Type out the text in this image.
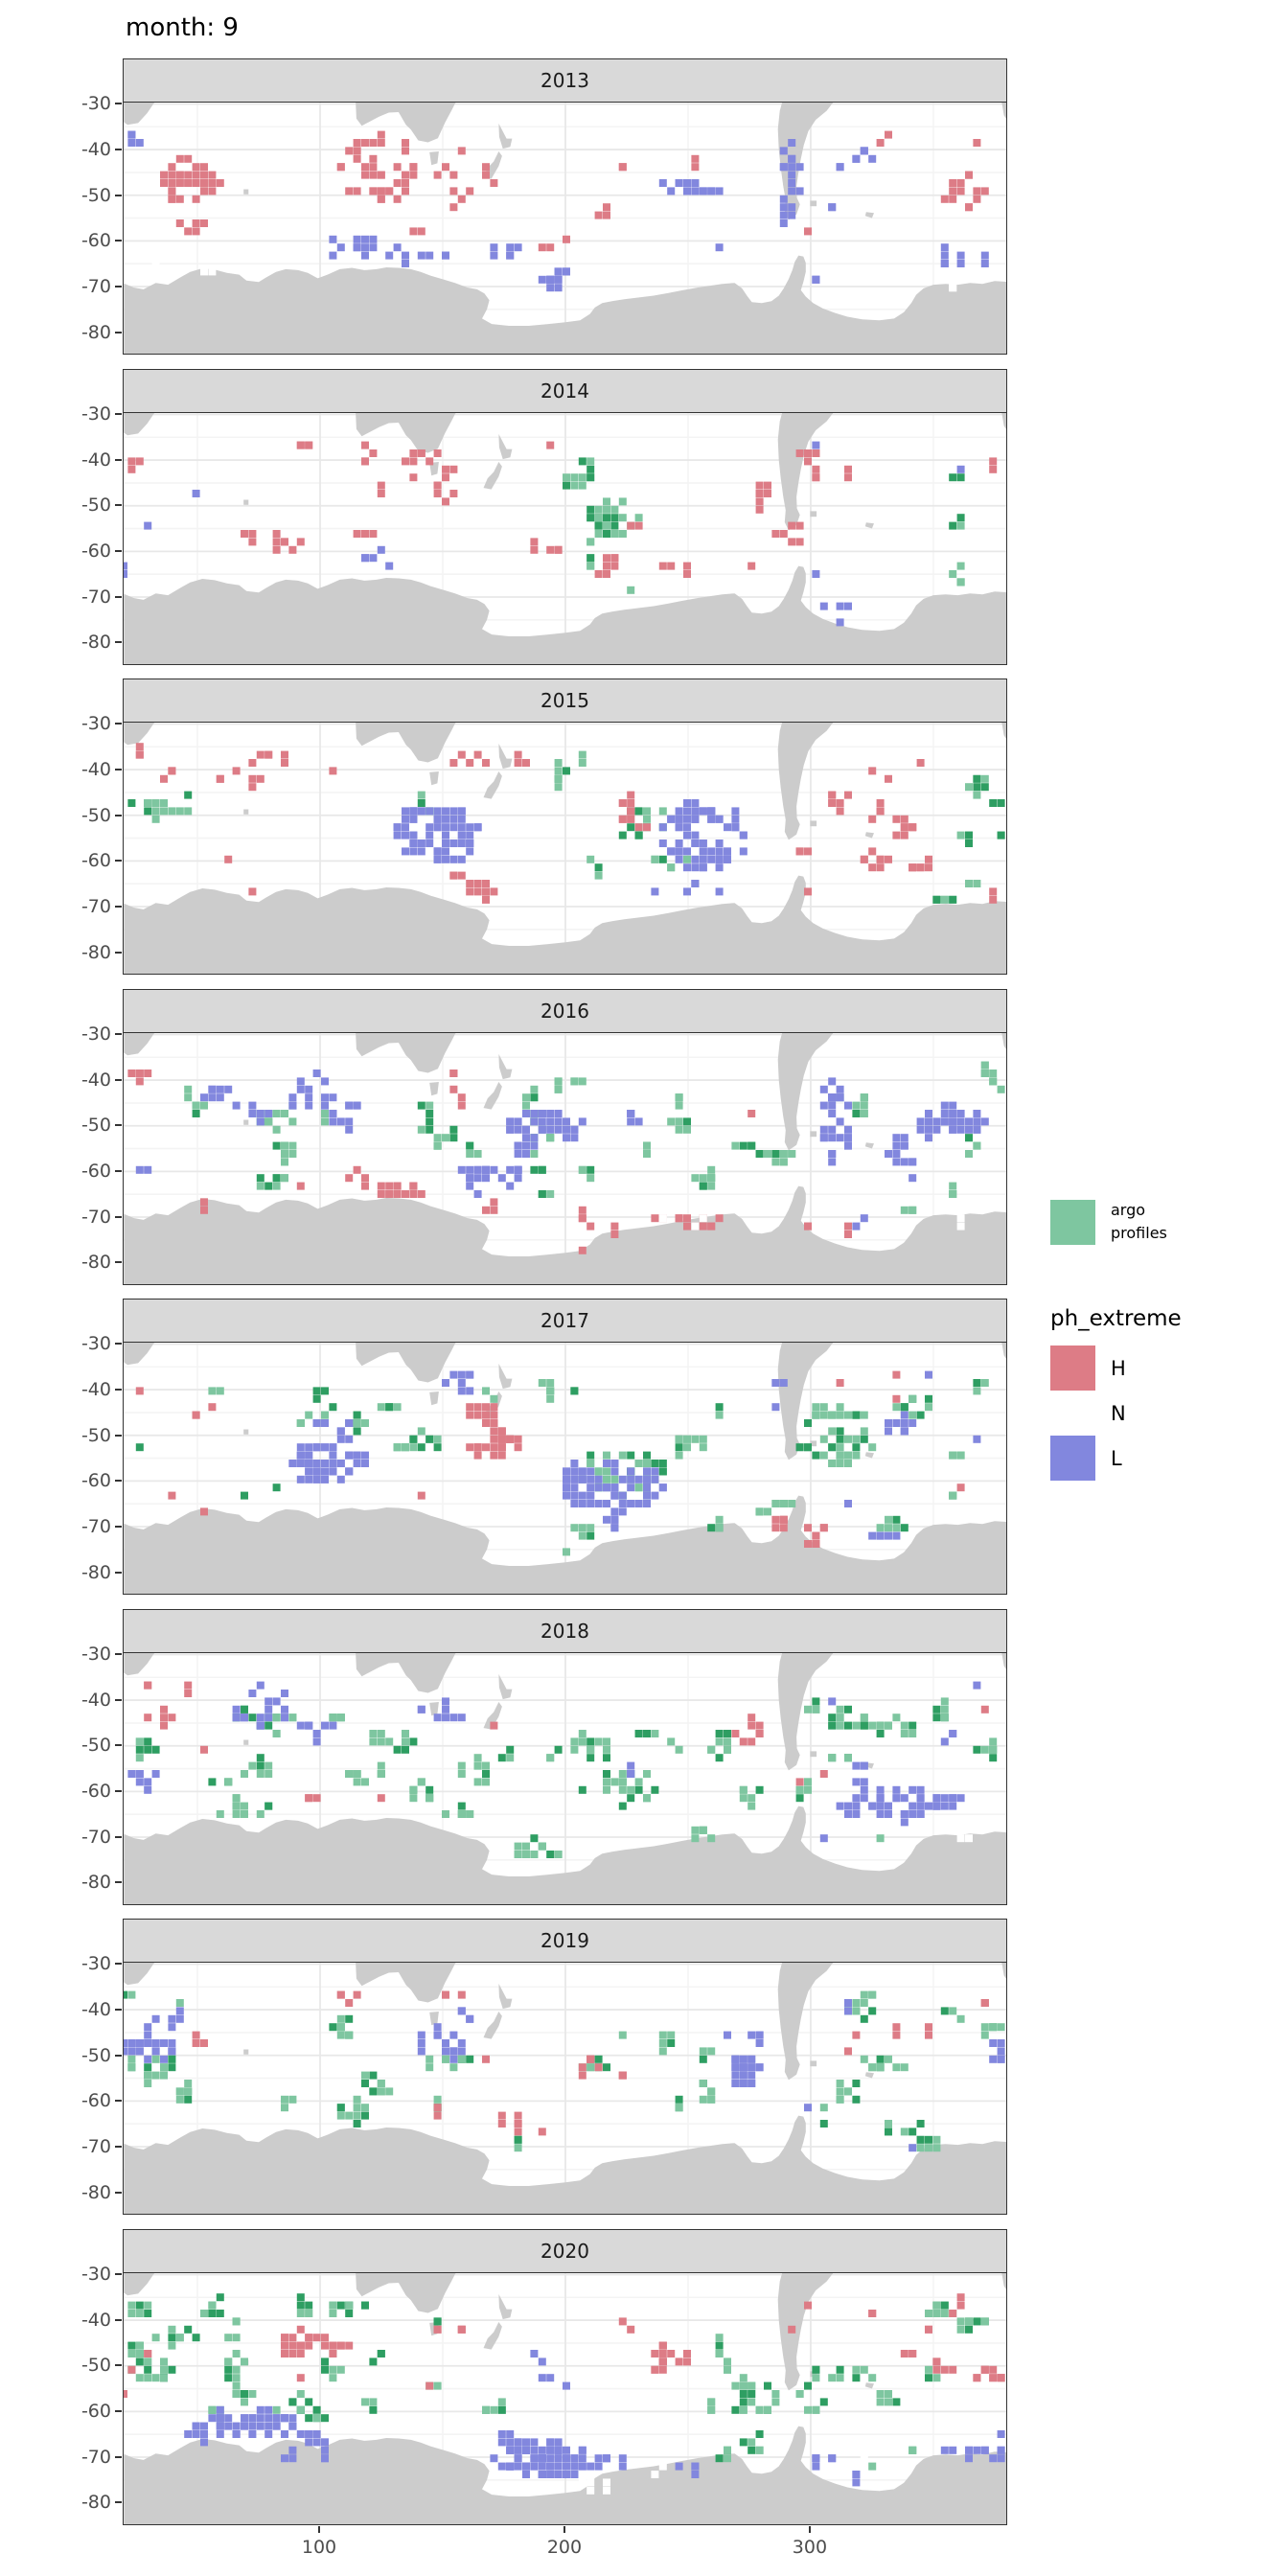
month: 9
2013
2014
2015
2016
2017
2018
2019
2020
-30
-40
-50
-60
-70
-80
-30
-40
-50
-60
-70
-80
-30
-40
-50
-60
-70
-80
-30
-40
-50
-60
-70
-80
-30
-40
-50
-60
-70
-80
-30
-40
-50
-60
-70
-80
-30
-40
-50
-60
-70
-80
-30
-40
-50
-60
-70
-80
100	200	300
argo
profiles
ph_extreme
H
N
L
